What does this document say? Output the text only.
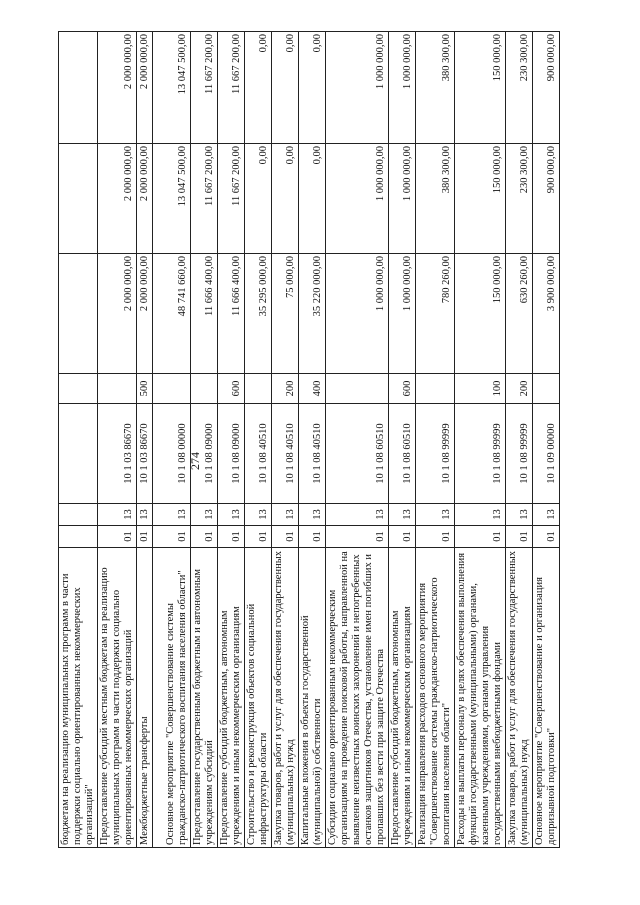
274
бюджетам на реализацию муниципальных программ в части поддержки социально ориентированных некоммерческих организаций"							
Предоставление субсидий местным бюджетам на реализацию муниципальных программ в части поддержки социально ориентированных некоммерческих организаций	01	13	10 1 03 86670		2 000 000,00	2 000 000,00	2 000 000,00
Межбюджетные трансферты	01	13	10 1 03 86670	500	2 000 000,00	2 000 000,00	2 000 000,00
Основное мероприятие "Совершенствование системы гражданско-патриотического воспитания населения области"	01	13	10 1 08 00000		48 741 660,00	13 047 500,00	13 047 500,00
Предоставление государственным бюджетным и автономным учреждениям субсидий	01	13	10 1 08 09000		11 666 400,00	11 667 200,00	11 667 200,00
Предоставление субсидий бюджетным, автономным учреждениям и иным некоммерческим организациям	01	13	10 1 08 09000	600	11 666 400,00	11 667 200,00	11 667 200,00
Строительство и реконструкция объектов социальной инфраструктуры области	01	13	10 1 08 40510		35 295 000,00	0,00	0,00
Закупка товаров, работ и услуг для обеспечения государственных (муниципальных) нужд	01	13	10 1 08 40510	200	75 000,00	0,00	0,00
Капитальные вложения в объекты государственной (муниципальной) собственности	01	13	10 1 08 40510	400	35 220 000,00	0,00	0,00
Субсидии социально ориентированным некоммерческим организациям на проведение поисковой работы, направленной на выявление неизвестных воинских захоронений и непогребенных останков защитников Отечества, установление имен погибших и пропавших без вести при защите Отечества	01	13	10 1 08 60510		1 000 000,00	1 000 000,00	1 000 000,00
Предоставление субсидий бюджетным, автономным учреждениям и иным некоммерческим организациям	01	13	10 1 08 60510	600	1 000 000,00	1 000 000,00	1 000 000,00
Реализация направления расходов основного мероприятия "Совершенствование системы гражданско-патриотического воспитания населения области"	01	13	10 1 08 99999		780 260,00	380 300,00	380 300,00
Расходы на выплаты персоналу в целях обеспечения выполнения функций государственными (муниципальными) органами, казенными учреждениями, органами управления государственными внебюджетными фондами	01	13	10 1 08 99999	100	150 000,00	150 000,00	150 000,00
Закупка товаров, работ и услуг для обеспечения государственных (муниципальных) нужд	01	13	10 1 08 99999	200	630 260,00	230 300,00	230 300,00
Основное мероприятие "Совершенствование и организация допризывной подготовки"	01	13	10 1 09 00000		3 900 000,00	900 000,00	900 000,00
